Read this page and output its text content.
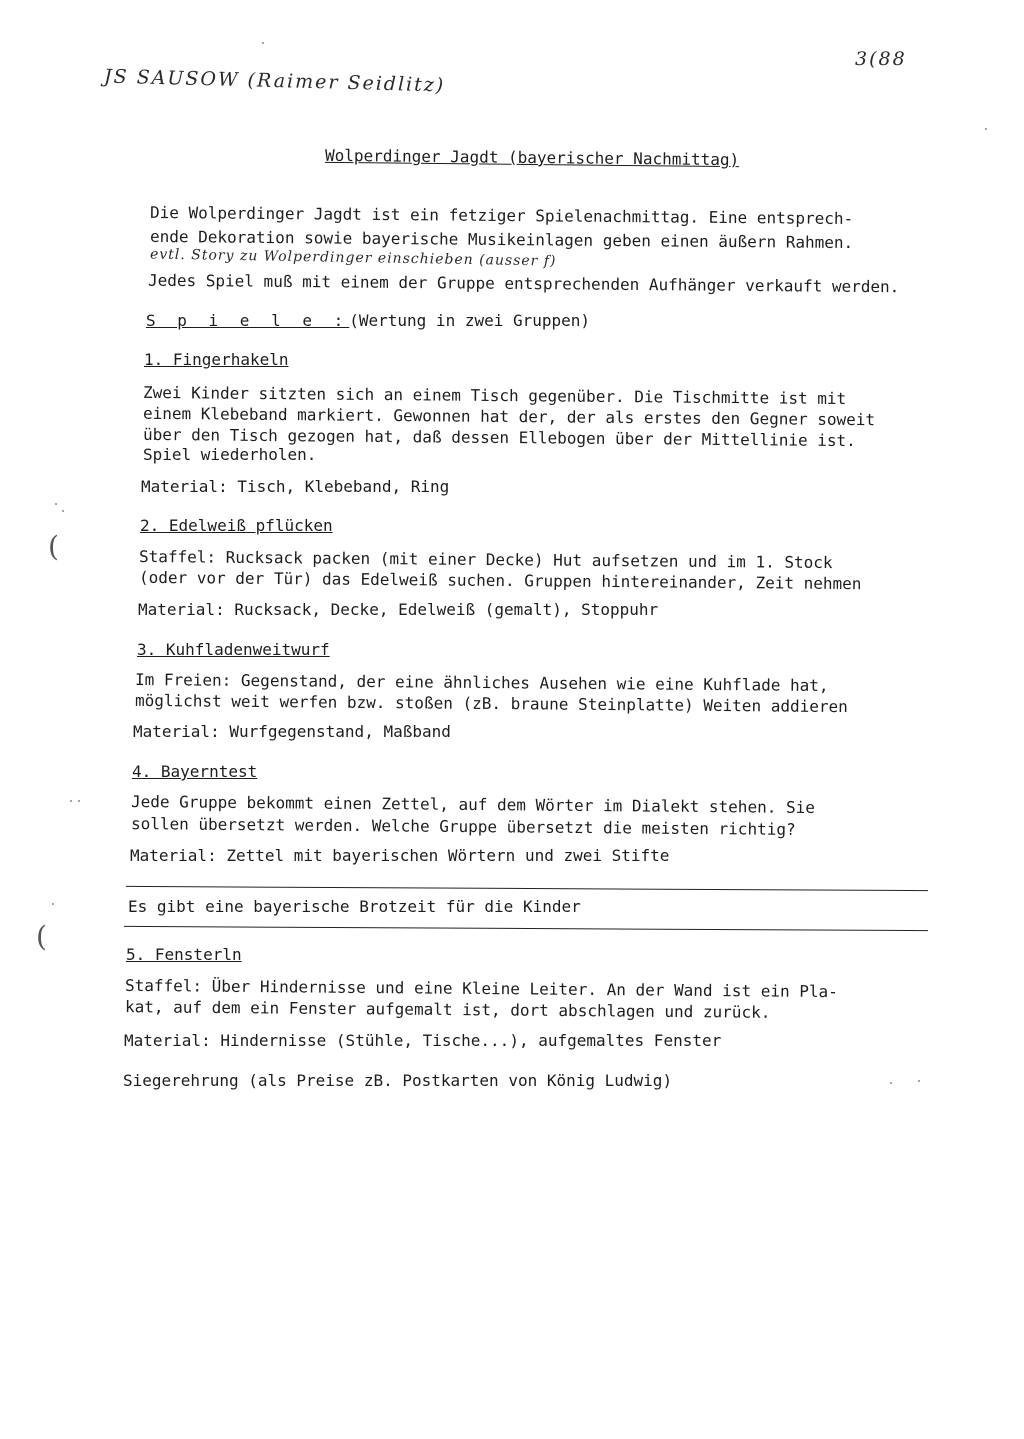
JS SAUSOW (Raimer Seidlitz)
3(88
Wolperdinger Jagdt (bayerischer Nachmittag)
Die Wolperdinger Jagdt ist ein fetziger Spielenachmittag. Eine entsprech-
ende Dekoration sowie bayerische Musikeinlagen geben einen äußern Rahmen.
evtl. Story zu Wolperdinger einschieben (ausser f)
Jedes Spiel muß mit einem der Gruppe entsprechenden Aufhänger verkauft werden.
S p i e l e :(Wertung in zwei Gruppen)
1. Fingerhakeln
Zwei Kinder sitzten sich an einem Tisch gegenüber. Die Tischmitte ist mit
einem Klebeband markiert. Gewonnen hat der, der als erstes den Gegner soweit
über den Tisch gezogen hat, daß dessen Ellebogen über der Mittellinie ist.
Spiel wiederholen.
Material: Tisch, Klebeband, Ring
2. Edelweiß pflücken
Staffel: Rucksack packen (mit einer Decke) Hut aufsetzen und im 1. Stock
(oder vor der Tür) das Edelweiß suchen. Gruppen hintereinander, Zeit nehmen
Material: Rucksack, Decke, Edelweiß (gemalt), Stoppuhr
3. Kuhfladenweitwurf
Im Freien: Gegenstand, der eine ähnliches Ausehen wie eine Kuhflade hat,
möglichst weit werfen bzw. stoßen (zB. braune Steinplatte) Weiten addieren
Material: Wurfgegenstand, Maßband
4. Bayerntest
Jede Gruppe bekommt einen Zettel, auf dem Wörter im Dialekt stehen. Sie
sollen übersetzt werden. Welche Gruppe übersetzt die meisten richtig?
Material: Zettel mit bayerischen Wörtern und zwei Stifte
Es gibt eine bayerische Brotzeit für die Kinder
5. Fensterln
Staffel: Über Hindernisse und eine Kleine Leiter. An der Wand ist ein Pla-
kat, auf dem ein Fenster aufgemalt ist, dort abschlagen und zurück.
Material: Hindernisse (Stühle, Tische...), aufgemaltes Fenster
Siegerehrung (als Preise zB. Postkarten von König Ludwig)
(
(
